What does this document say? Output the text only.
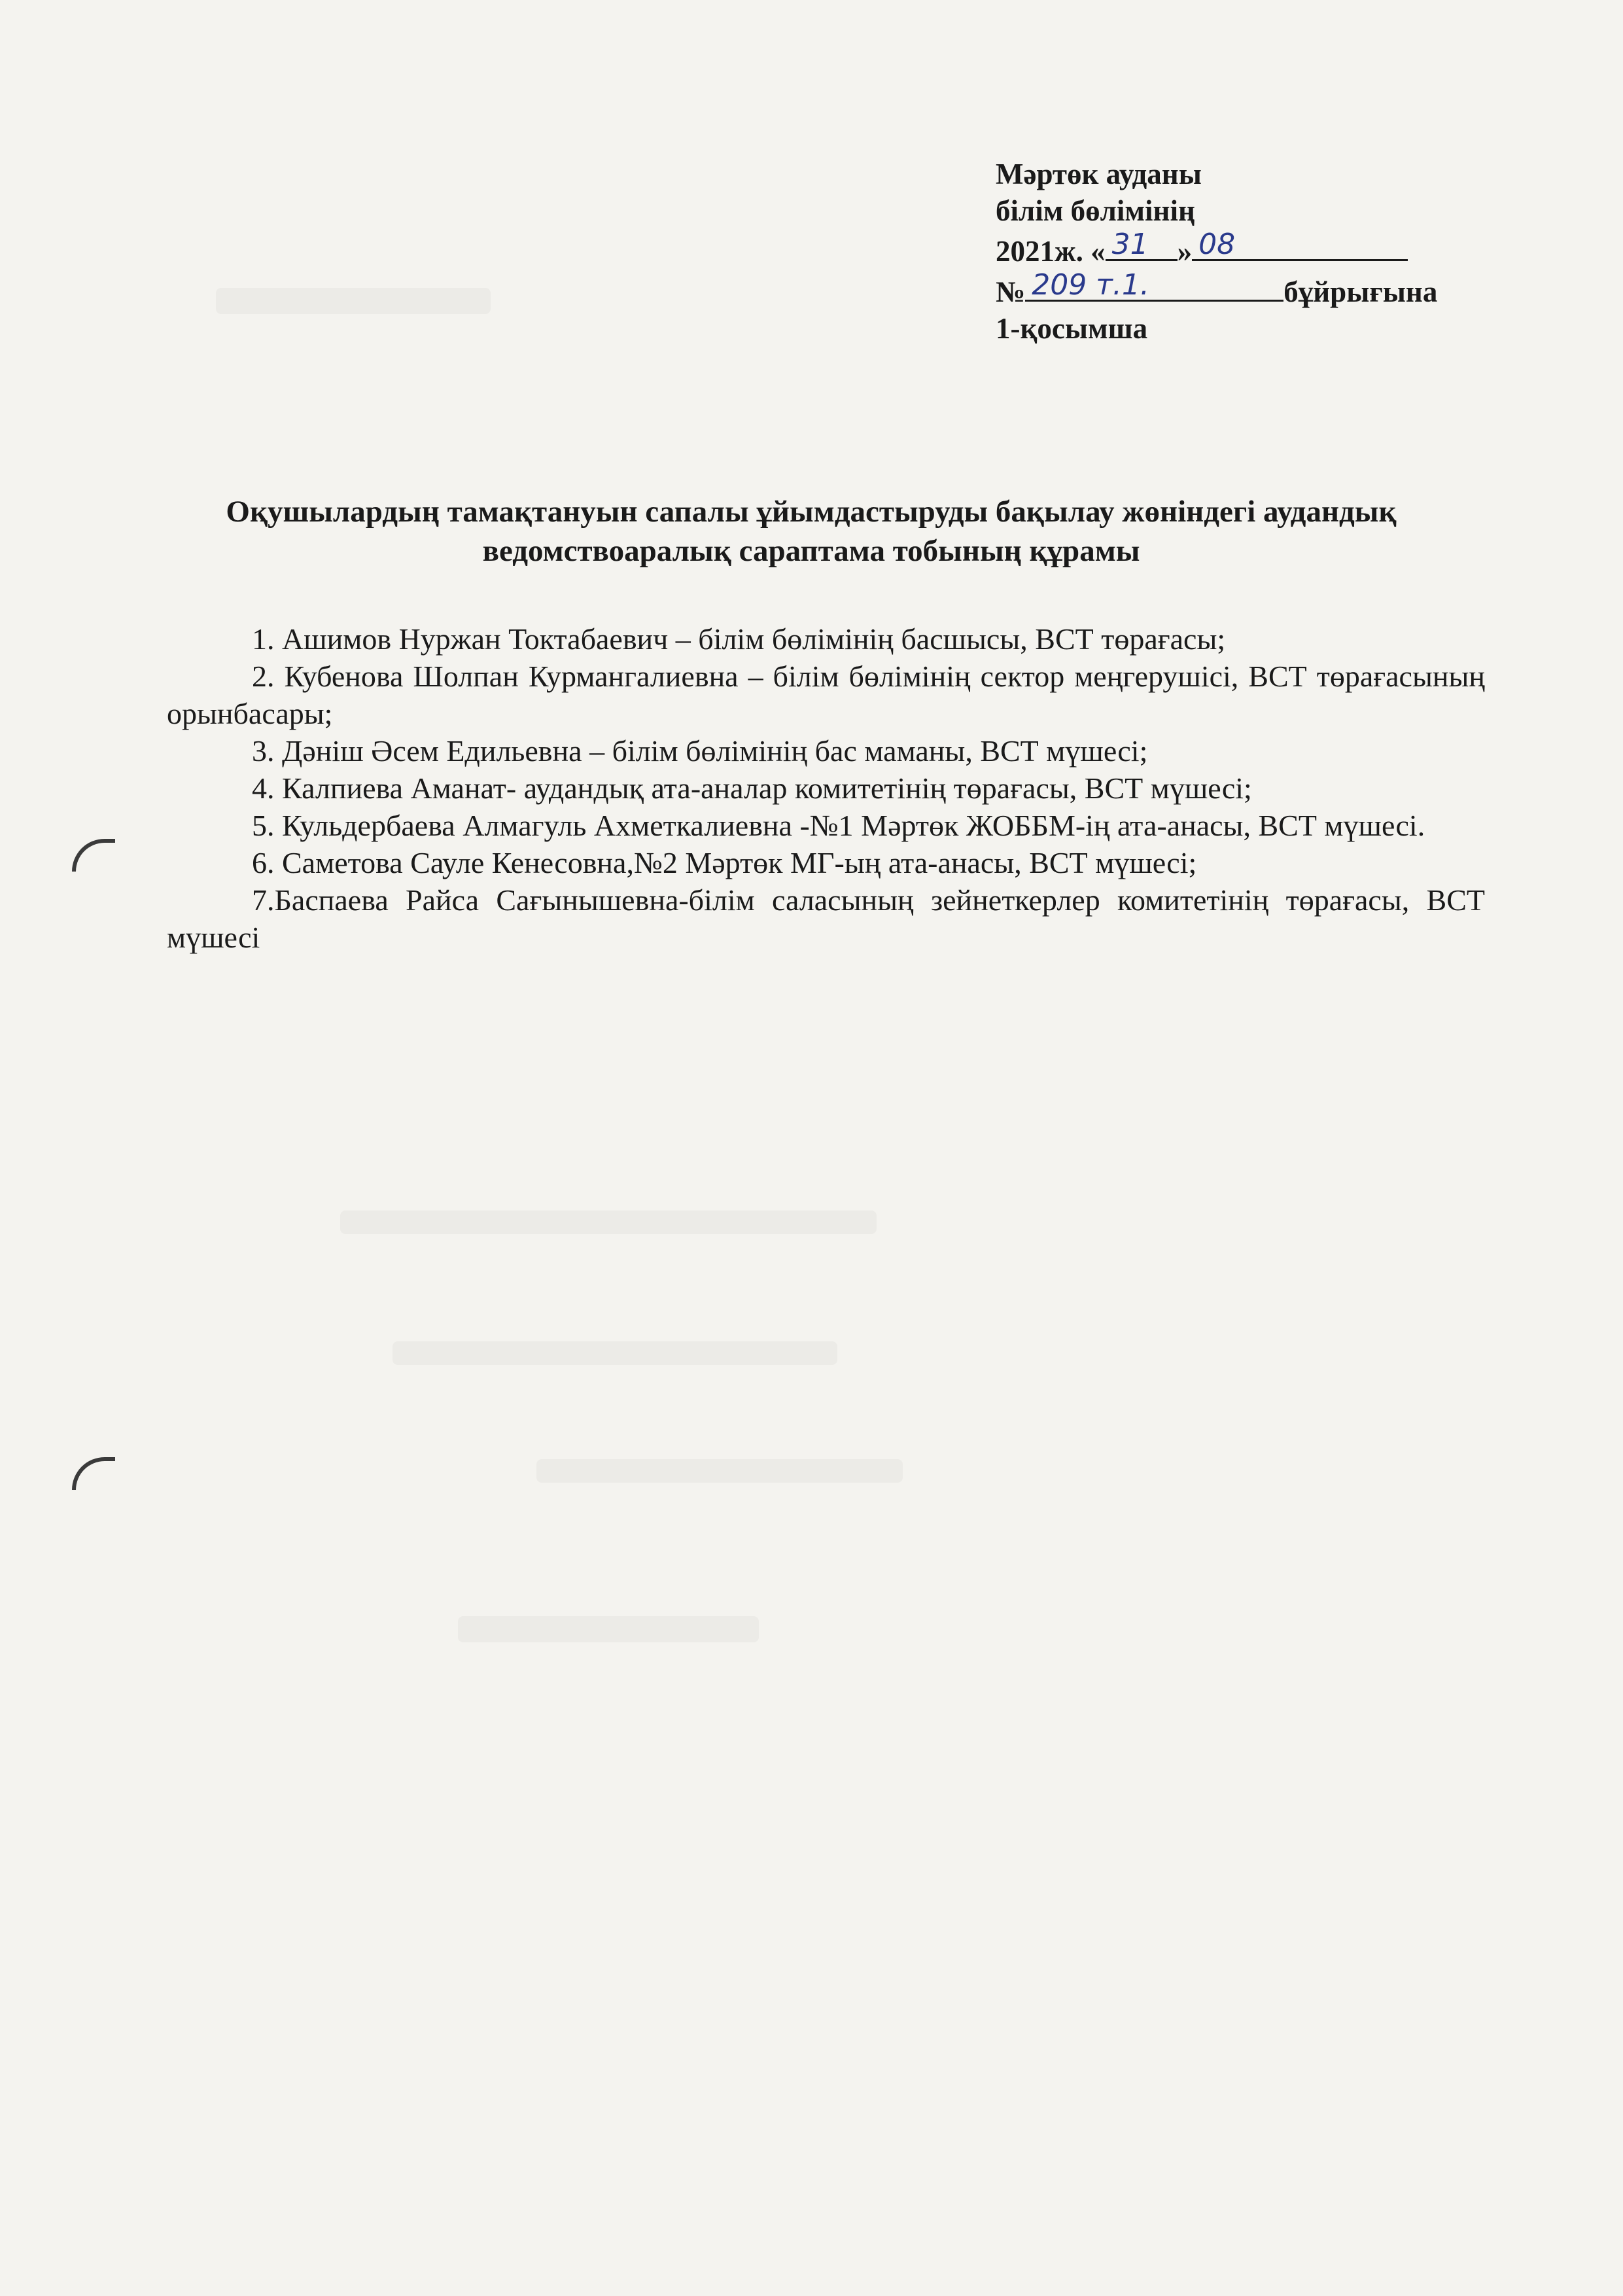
Мәртөк ауданы
білім бөлімінің
2021ж. « 31 » 08
№ 209 т.1.	бұйрығына
1-қосымша
Оқушылардың тамақтануын сапалы ұйымдастыруды бақылау жөніндегі аудандық ведомствоаралық сараптама тобының құрамы

1. Ашимов Нуржан Токтабаевич – білім бөлімінің басшысы, ВСТ төрағасы;

2. Кубенова Шолпан Курмангалиевна – білім бөлімінің сектор меңгерушісі, ВСТ төрағасының орынбасары;

3. Дәніш Әсем Едильевна – білім бөлімінің бас маманы, ВСТ мүшесі;

4. Калпиева Аманат- аудандық ата-аналар комитетінің төрағасы, ВСТ мүшесі;

5. Кульдербаева Алмагуль Ахметкалиевна -№1 Мәртөк ЖОББМ-ің ата-анасы, ВСТ мүшесі.

6. Саметова Сауле Кенесовна,№2 Мәртөк МГ-ың ата-анасы, ВСТ мүшесі;

7.Баспаева Райса Сағынышевна-білім саласының зейнеткерлер комитетінің төрағасы, ВСТ мүшесі
